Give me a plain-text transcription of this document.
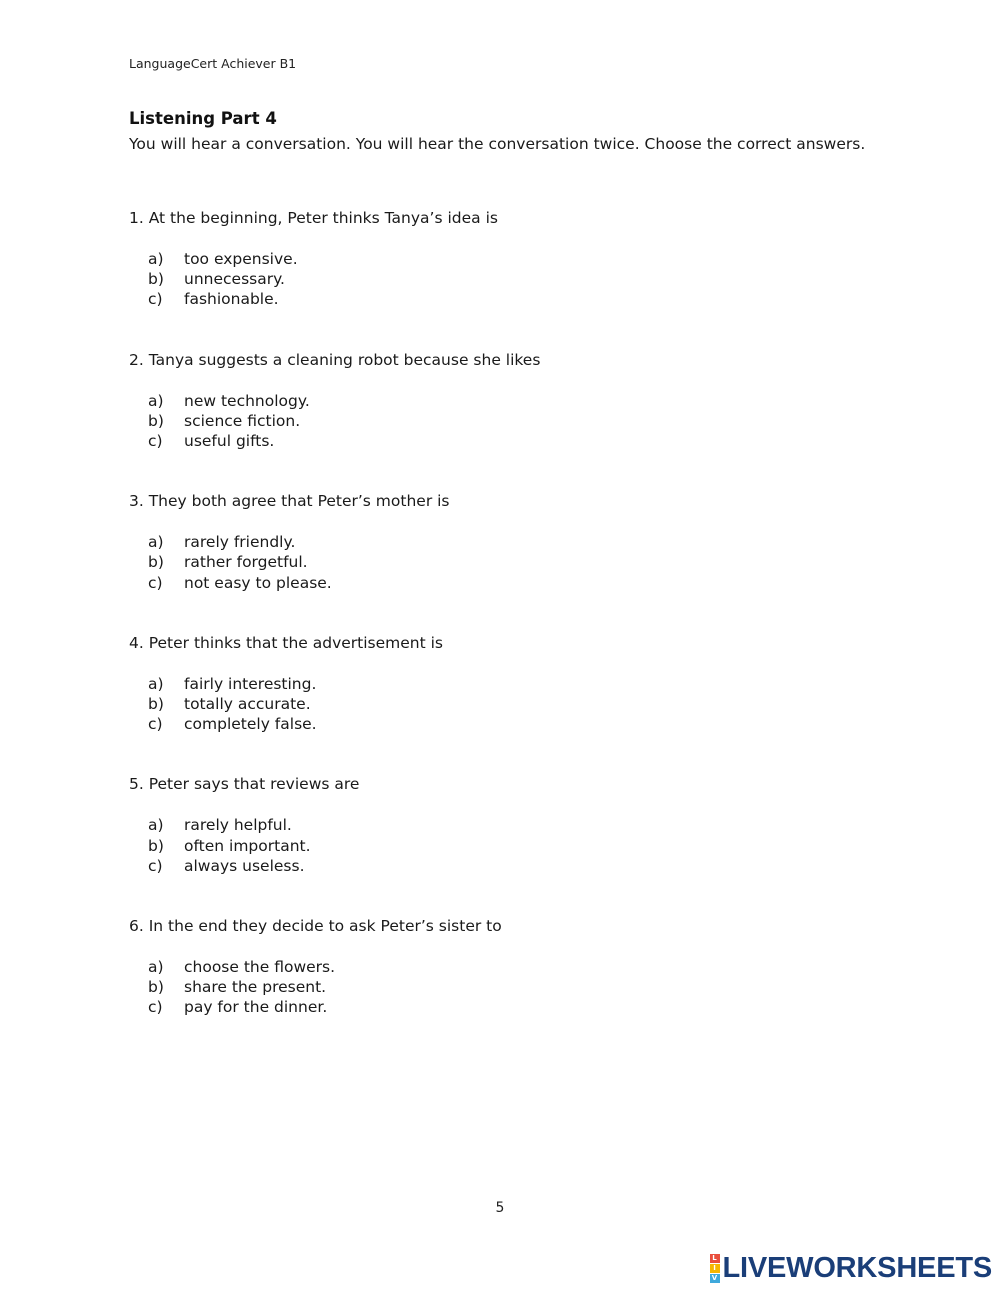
LanguageCert Achiever B1
Listening Part 4
You will hear a conversation. You will hear the conversation twice. Choose the correct answers.

1. At the beginning, Peter thinks Tanya’s idea is

a)	too expensive.
b)	unnecessary.
c)	fashionable.

2. Tanya suggests a cleaning robot because she likes

a)	new technology.
b)	science fiction.
c)	useful gifts.

3. They both agree that Peter’s mother is

a)	rarely friendly.
b)	rather forgetful.
c)	not easy to please.

4. Peter thinks that the advertisement is

a)	fairly interesting.
b)	totally accurate.
c)	completely false.

5. Peter says that reviews are

a)	rarely helpful.
b)	often important.
c)	always useless.

6. In the end they decide to ask Peter’s sister to

a)	choose the flowers.
b)	share the present.
c)	pay for the dinner.
5
L
I
V LIVEWORKSHEETS
